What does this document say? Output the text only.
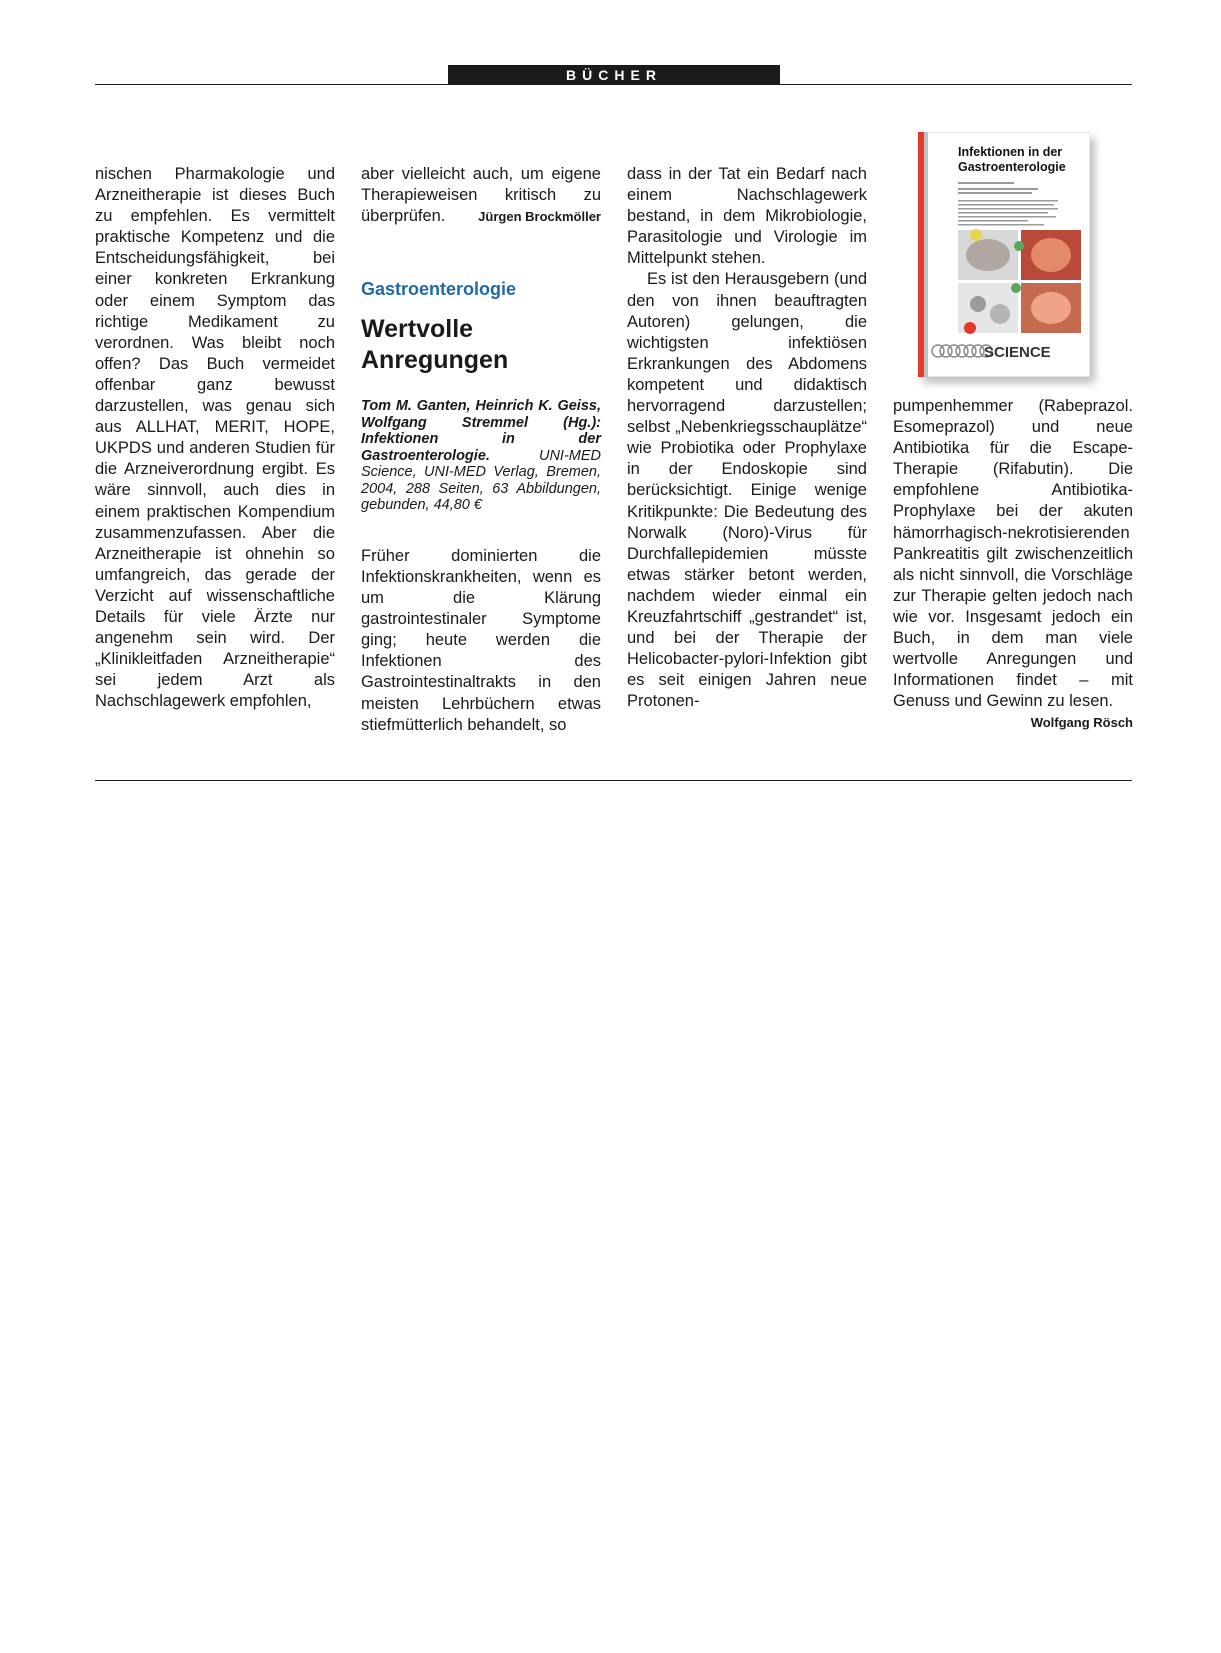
BÜCHER

nischen Pharmakologie und Arzneitherapie ist dieses Buch zu empfehlen. Es vermittelt praktische Kompetenz und die Entscheidungsfähigkeit, bei einer konkreten Erkrankung oder einem Symptom das richtige Medikament zu verordnen. Was bleibt noch offen? Das Buch vermeidet offenbar ganz bewusst darzustellen, was genau sich aus ALLHAT, MERIT, HOPE, UKPDS und anderen Studien für die Arzneiverordnung ergibt. Es wäre sinnvoll, auch dies in einem praktischen Kompendium zusammenzufassen. Aber die Arzneitherapie ist ohnehin so umfangreich, das gerade der Verzicht auf wissenschaftliche Details für viele Ärzte nur angenehm sein wird. Der „Klinikleitfaden Arzneitherapie“ sei jedem Arzt als Nachschlagewerk empfohlen,

aber vielleicht auch, um eigene Therapieweisen kritisch zu überprüfen.	Jürgen Brockmöller

Gastroenterologie

Wertvolle
Anregungen

Tom M. Ganten, Heinrich K. Geiss, Wolfgang Stremmel (Hg.): Infektionen in der Gastroenterologie.	UNI-MED Science, UNI-MED Verlag, Bremen, 2004, 288 Seiten, 63 Abbildungen, gebunden, 44,80 €

Früher dominierten die Infektionskrankheiten, wenn es um die Klärung gastrointestinaler Symptome ging; heute werden die Infektionen des Gastrointestinaltrakts in den meisten Lehrbüchern etwas stiefmütterlich behandelt, so

dass in der Tat ein Bedarf nach einem Nachschlagewerk bestand, in dem Mikrobiologie, Parasitologie und Virologie im Mittelpunkt stehen.

Es ist den Herausgebern (und den von ihnen beauftragten Autoren) gelungen, die wichtigsten infektiösen Erkrankungen des Abdomens kompetent und didaktisch hervorragend darzustellen; selbst „Nebenkriegsschauplätze“ wie Probiotika oder Prophylaxe in der Endoskopie sind berücksichtigt. Einige wenige Kritikpunkte: Die Bedeutung des Norwalk (Noro)-Virus für Durchfallepidemien müsste etwas stärker betont werden, nachdem wieder einmal ein Kreuzfahrtschiff „gestrandet“ ist, und bei der Therapie der Helicobacter-pylori-Infektion gibt es seit einigen Jahren neue Protonen-

Infektionen in der
Gastroenterologie
SCIENCE

pumpenhemmer (Rabeprazol. Esomeprazol) und neue Antibiotika für die Escape-Therapie (Rifabutin). Die empfohlene Antibiotika-Prophylaxe bei der akuten hämorrhagisch-nekrotisierenden Pankreatitis gilt zwischenzeitlich als nicht sinnvoll, die Vorschläge zur Therapie gelten jedoch nach wie vor. Insgesamt jedoch ein Buch, in dem man viele wertvolle Anregungen und Informationen findet – mit Genuss und Gewinn zu lesen.
Wolfgang Rösch
